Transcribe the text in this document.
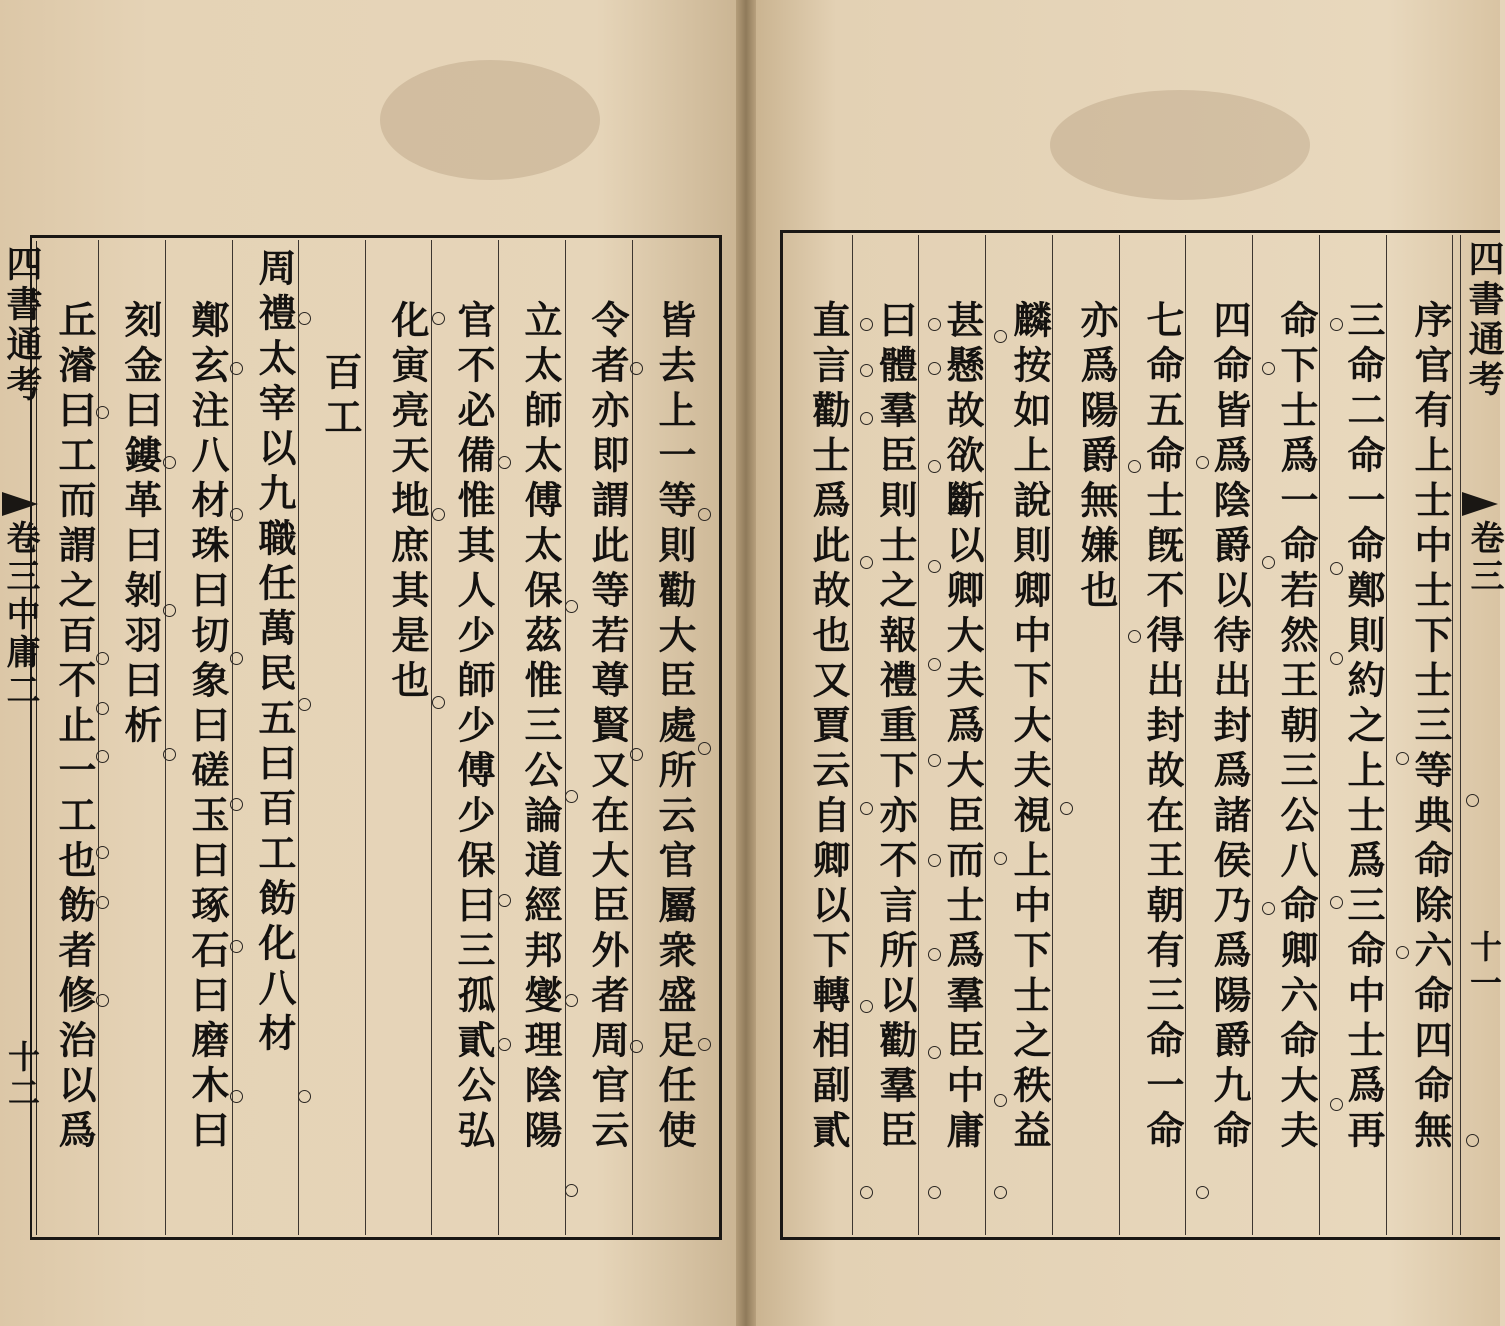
四書通考
卷三中庸二
十二	皆去上一等則勸大臣處所云官屬衆盛足任使
令者亦即謂此等若尊賢又在大臣外者周官云
立太師太傅太保茲惟三公論道經邦燮理陰陽
官不必備惟其人少師少傅少保曰三孤貳公弘
化寅亮天地庶其是也
百工
周禮太宰以九職任萬民五曰百工飭化八材
鄭玄注八材珠曰切象曰磋玉曰琢石曰磨木曰
刻金曰鏤革曰剝羽曰析
丘濬曰工而謂之百不止一工也飭者修治以爲	四書通考
卷三
十一
序官有上士中士下士三等典命除六命四命無
三命二命一命鄭則約之上士爲三命中士爲再
命下士爲一命若然王朝三公八命卿六命大夫
四命皆爲陰爵以待出封爲諸侯乃爲陽爵九命
七命五命士旣不得出封故在王朝有三命一命
亦爲陽爵無嫌也
麟按如上說則卿中下大夫視上中下士之秩益
甚懸故欲斷以卿大夫爲大臣而士爲羣臣中庸
曰體羣臣則士之報禮重下亦不言所以勸羣臣
直言勸士爲此故也又賈云自卿以下轉相副貳
